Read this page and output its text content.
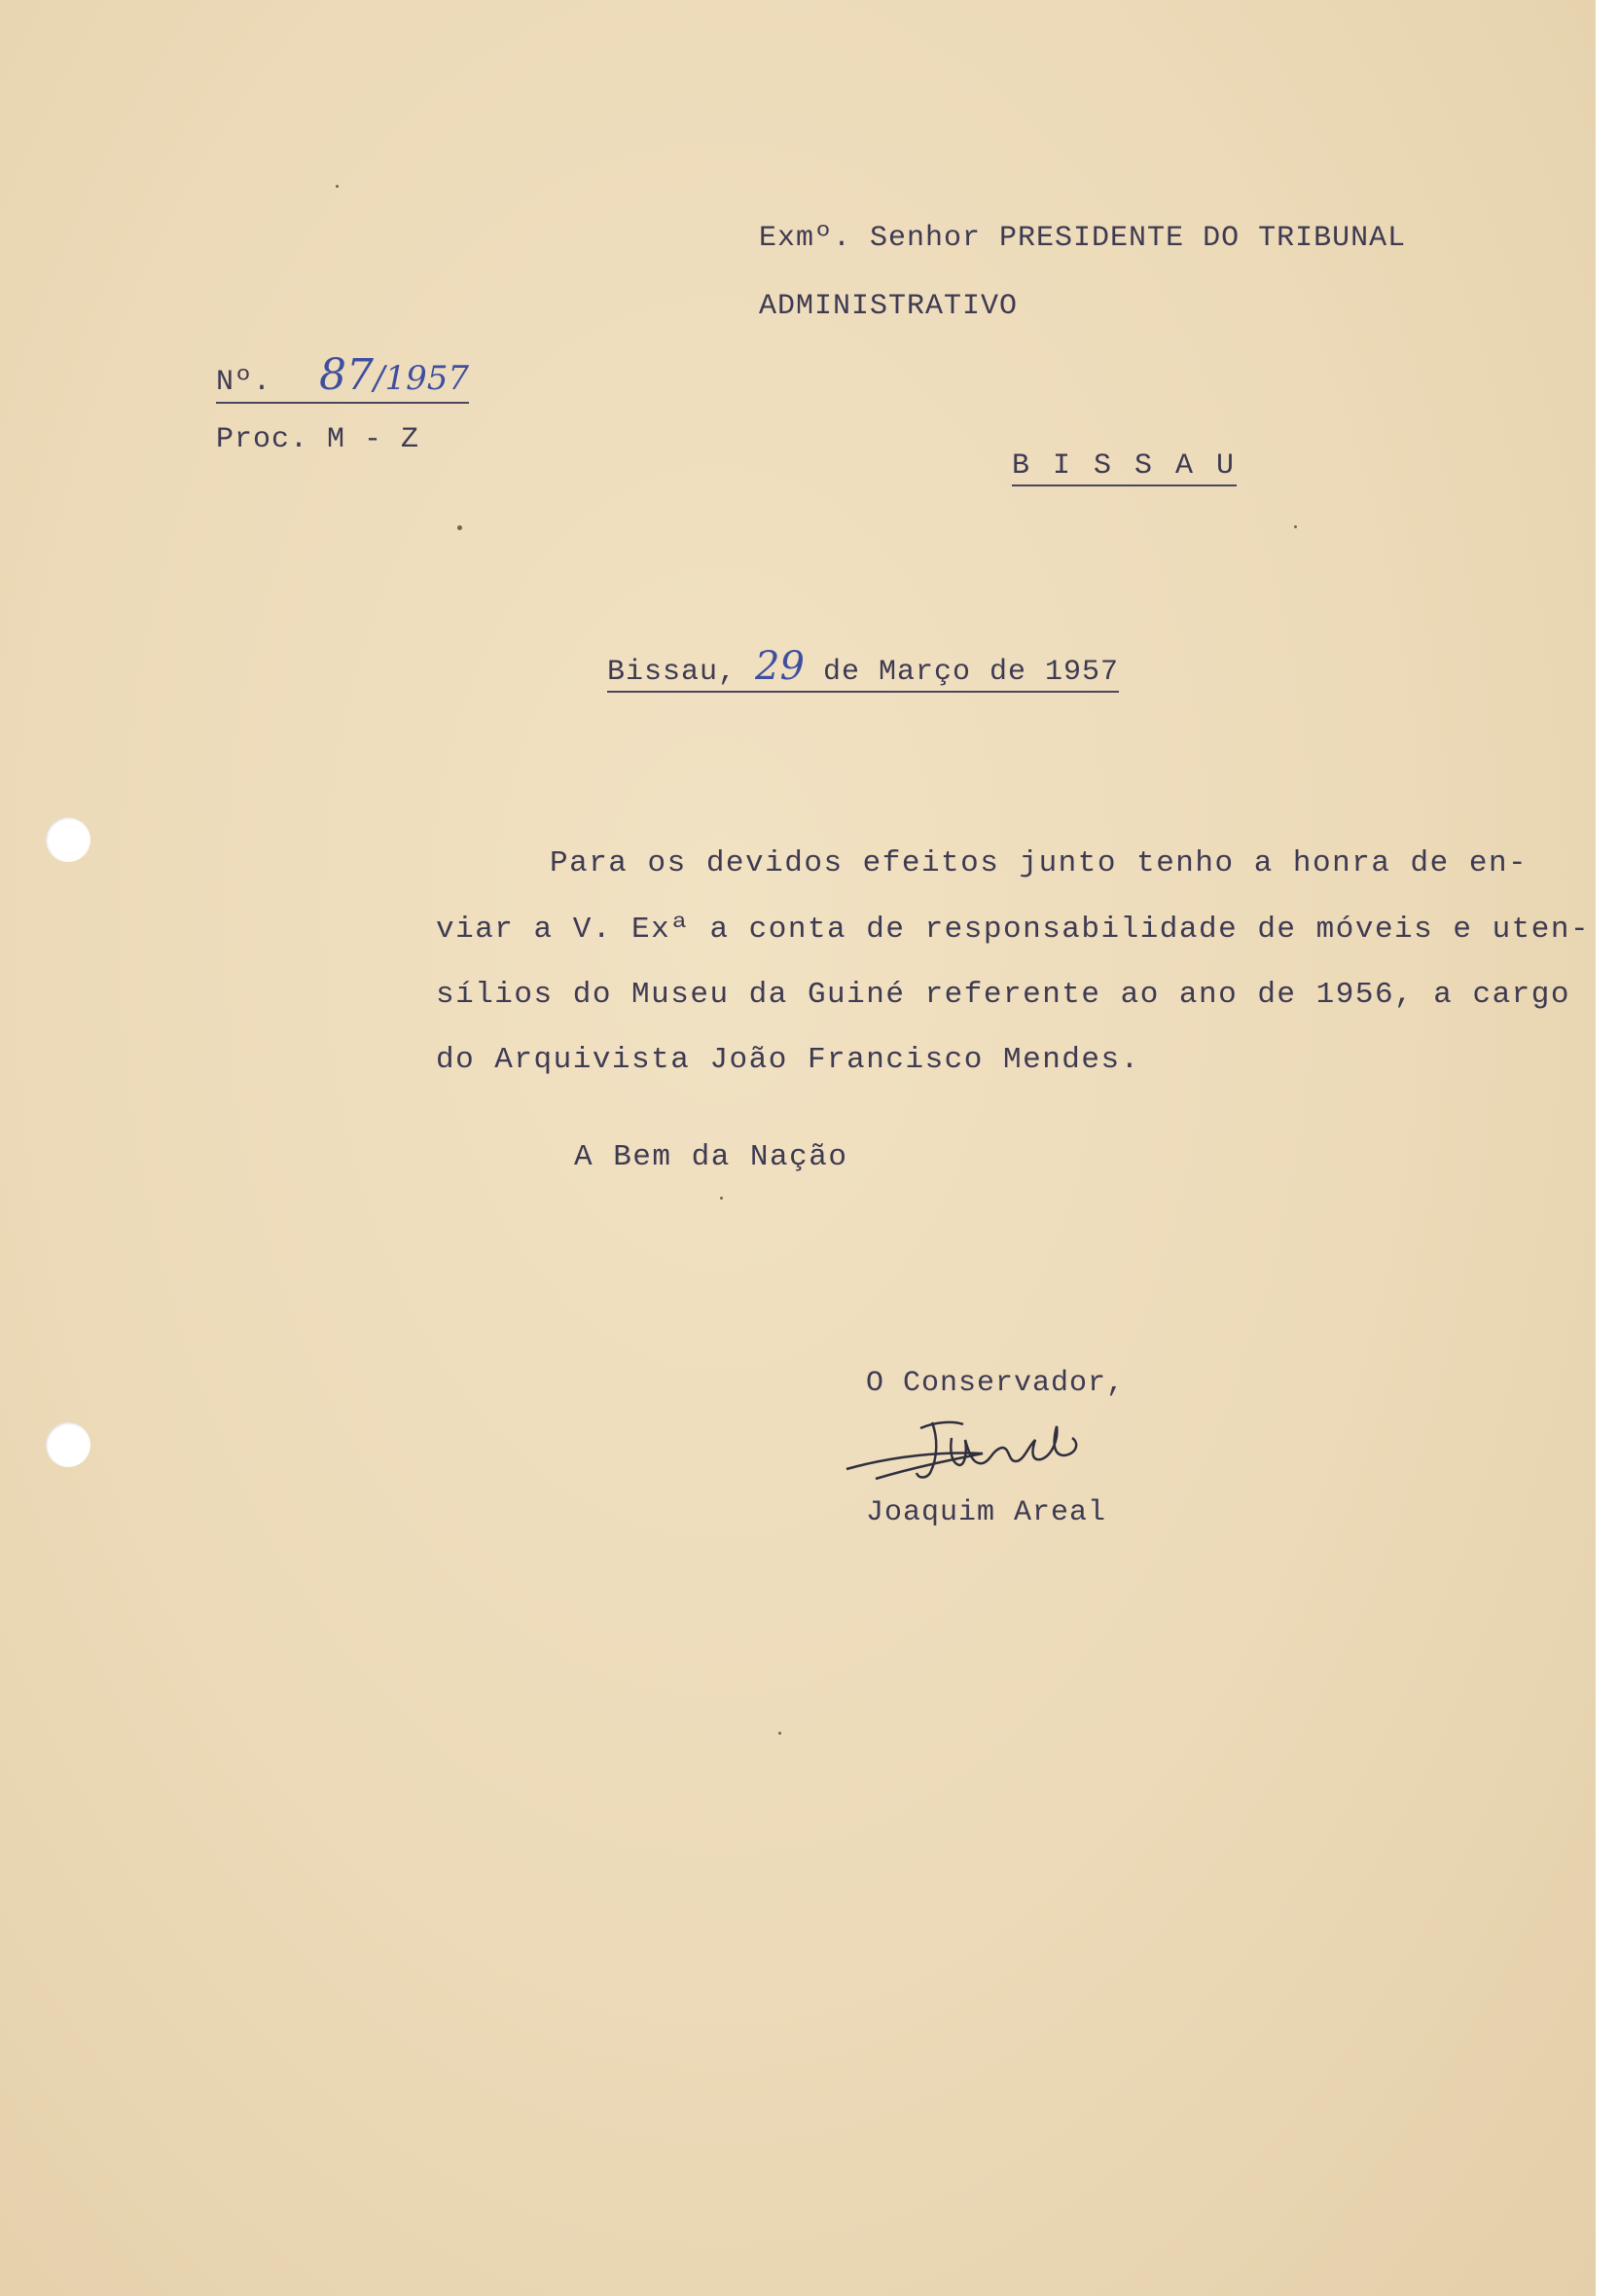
Exmº. Senhor PRESIDENTE DO TRIBUNAL
ADMINISTRATIVO
Nº. 87/1957
Proc. M - Z
B I S S A U
Bissau, 29 de Março de 1957
Para os devidos efeitos junto tenho a honra de en-
viar a V. Exª a conta de responsabilidade de móveis e uten-
sílios do Museu da Guiné referente ao ano de 1956, a cargo
do Arquivista João Francisco Mendes.
A Bem da Nação
O Conservador,
Joaquim Areal
